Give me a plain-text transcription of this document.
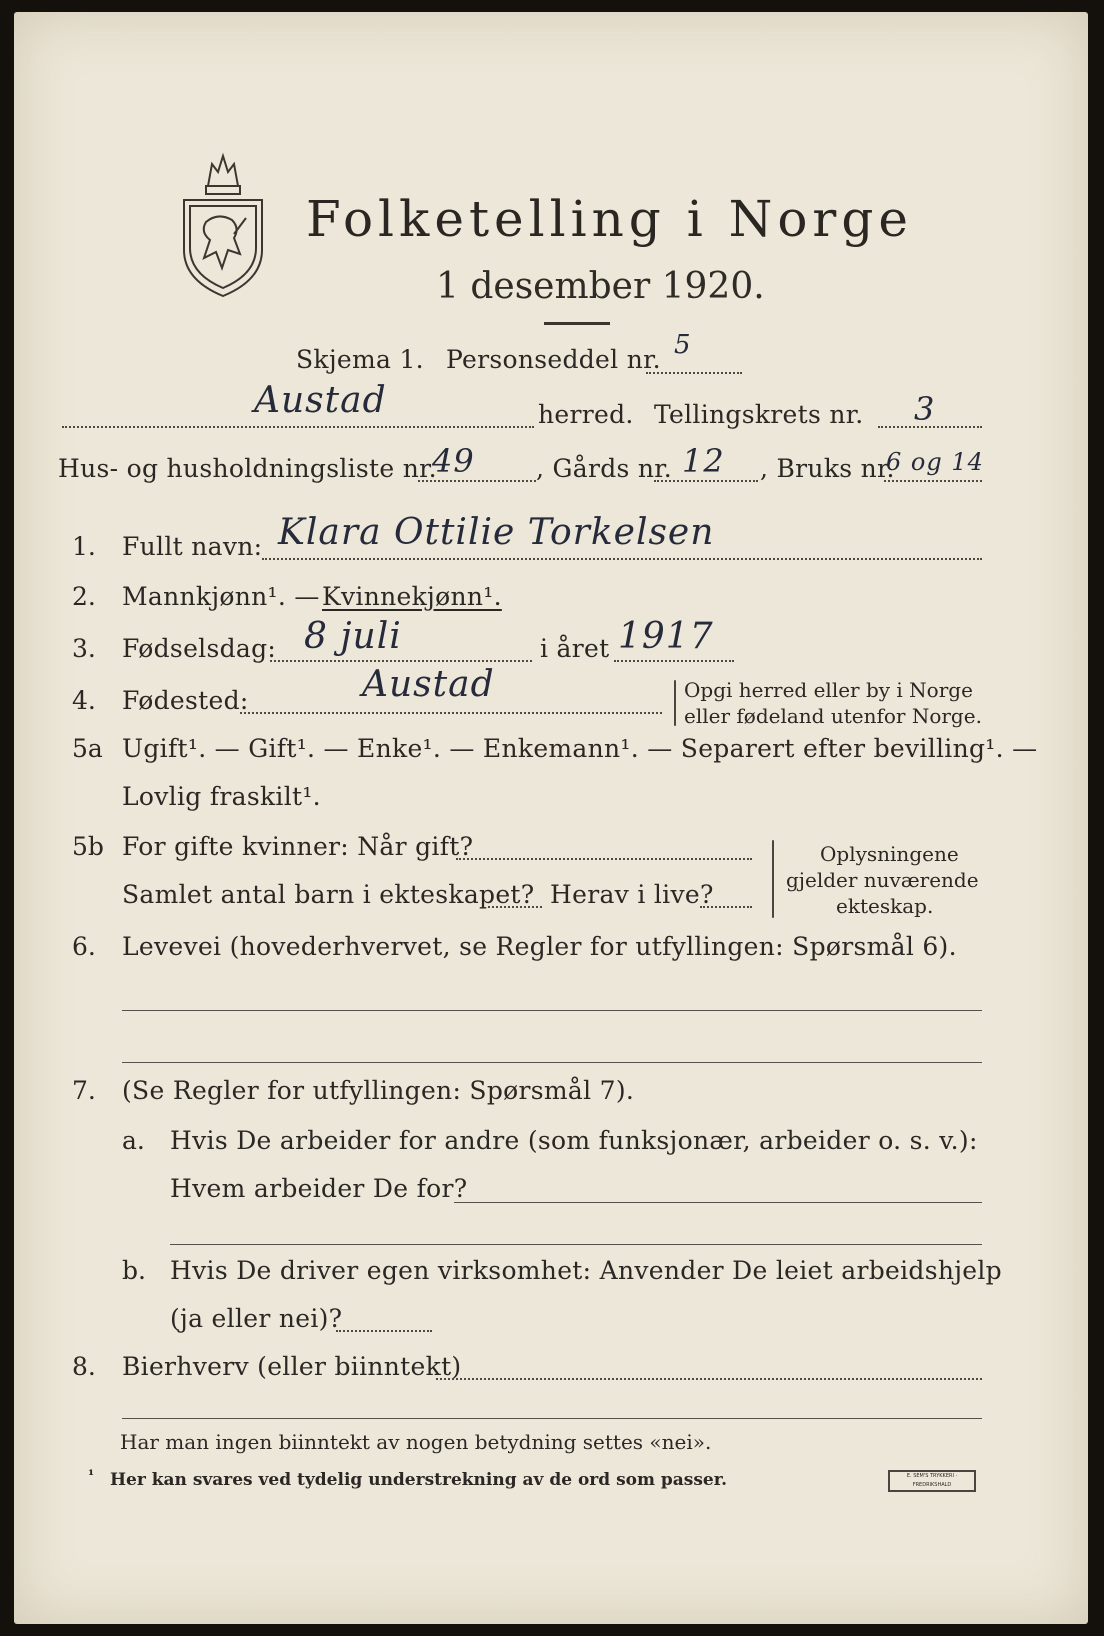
Folketelling i Norge
1 desember 1920.
Skjema 1. Personseddel nr. 5
Austad	herred. Tellingskrets nr. 3
Hus- og husholdningsliste nr.
49 , Gårds nr. 12 , Bruks nr.
6 og 14
1. Fullt navn: Klara Ottilie Torkelsen
2. Mannkjønn¹. — Kvinnekjønn¹.
3. Fødselsdag: 8 juli	i året 1917
4. Fødested:	Austad	Opgi herred eller by i Norge
eller fødeland utenfor Norge.
5a Ugift¹. — Gift¹. — Enke¹. — Enkemann¹. — Separert efter bevilling¹. —
Lovlig fraskilt¹.
5b For gifte kvinner: Når gift?
Samlet antal barn i ekteskapet? Herav i live?
Oplysningene
gjelder nuværende
ekteskap.
6. Levevei (hovederhvervet, se Regler for utfyllingen: Spørsmål 6).
7. (Se Regler for utfyllingen: Spørsmål 7).
a. Hvis De arbeider for andre (som funksjonær, arbeider o. s. v.):
Hvem arbeider De for?
b. Hvis De driver egen virksomhet: Anvender De leiet arbeidshjelp
(ja eller nei)?
8. Bierhverv (eller biinntekt)
Har man ingen biinntekt av nogen betydning settes «nei».
¹ Her kan svares ved tydelig understrekning av de ord som passer.	E. SEM'S TRYKKERI · FREDRIKSHALD
